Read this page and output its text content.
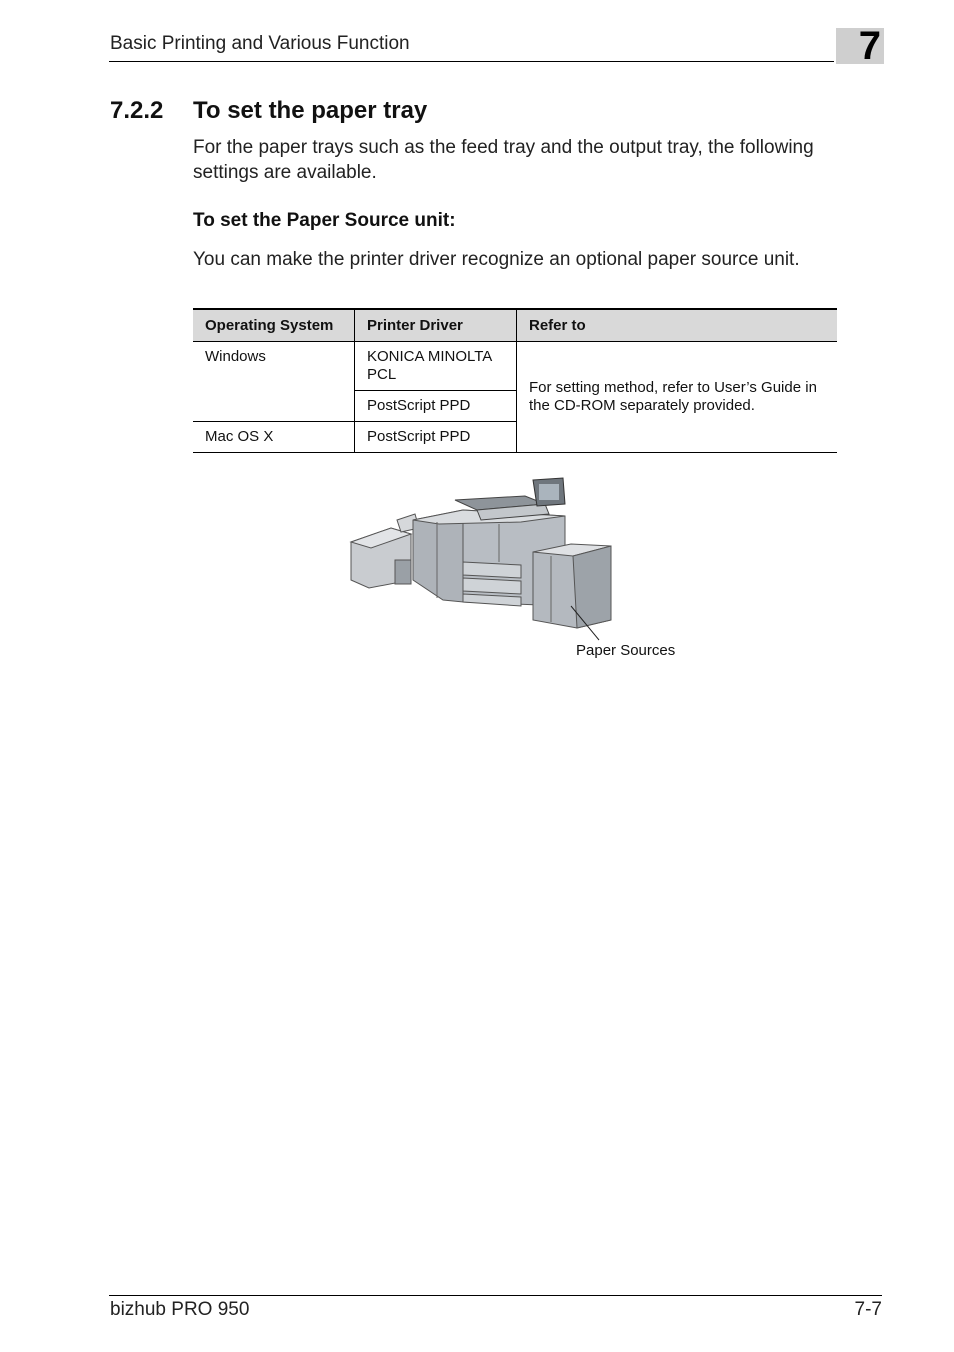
Basic Printing and Various Function	7
7.2.2 To set the paper tray

For the paper trays such as the feed tray and the output tray, the following settings are available.

To set the Paper Source unit:

You can make the printer driver recognize an optional paper source unit.

Operating System	Printer Driver	Refer to
Windows	KONICA MINOLTA PCL	For setting method, refer to User’s Guide in the CD-ROM separately provided.
	PostScript PPD	
Mac OS X	PostScript PPD	
Paper Sources
bizhub PRO 950	7-7
